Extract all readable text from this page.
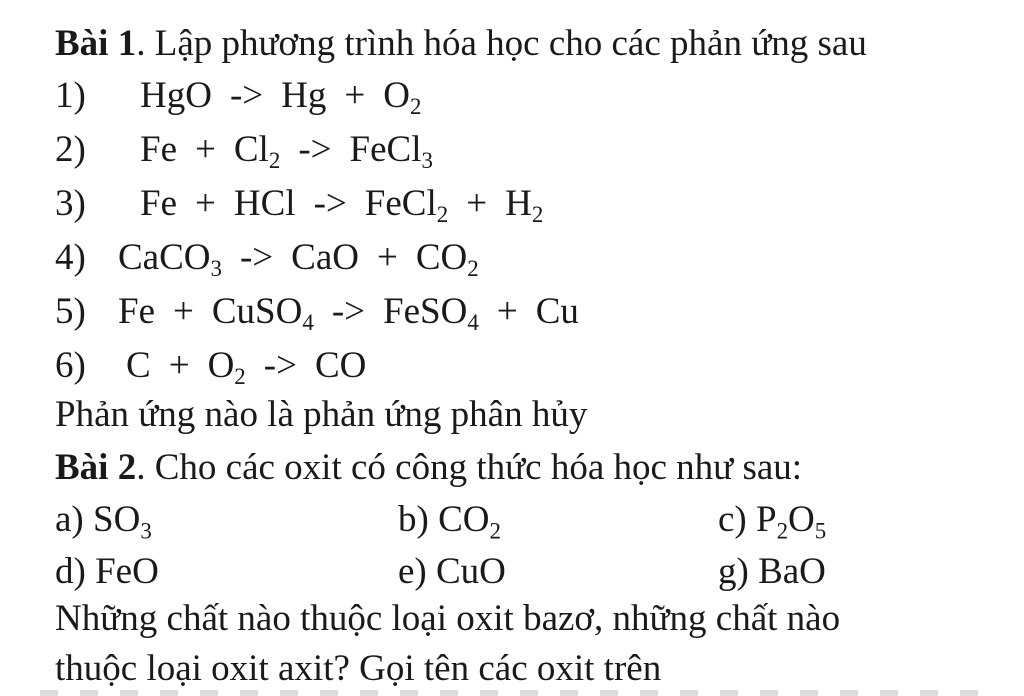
Bài 1. Lập phương trình hóa học cho các phản ứng sau
1) HgO -> $Hg + O_2$
2) $Fe + Cl_2$ -> FeCl$_3$
3) Fe + HCl -> FeCl$_2$ + $H_2$
4) CaCO$_3$ -> CaO + $CO_2$
5) Fe + CuSO$_4$ -> FeSO$_4$ + Cu
6) $C + O_2$ -> CO
Phản ứng nào là phản ứng phân hủy
Bài 2. Cho các oxit có công thức hóa học như sau:
a) $SO_3$	b) $CO_2$	c) $P_2O_5$
d) FeO	e) CuO	g) BaO
Những chất nào thuộc loại oxit bazơ, những chất nào
thuộc loại oxit axit? Gọi tên các oxit trên
